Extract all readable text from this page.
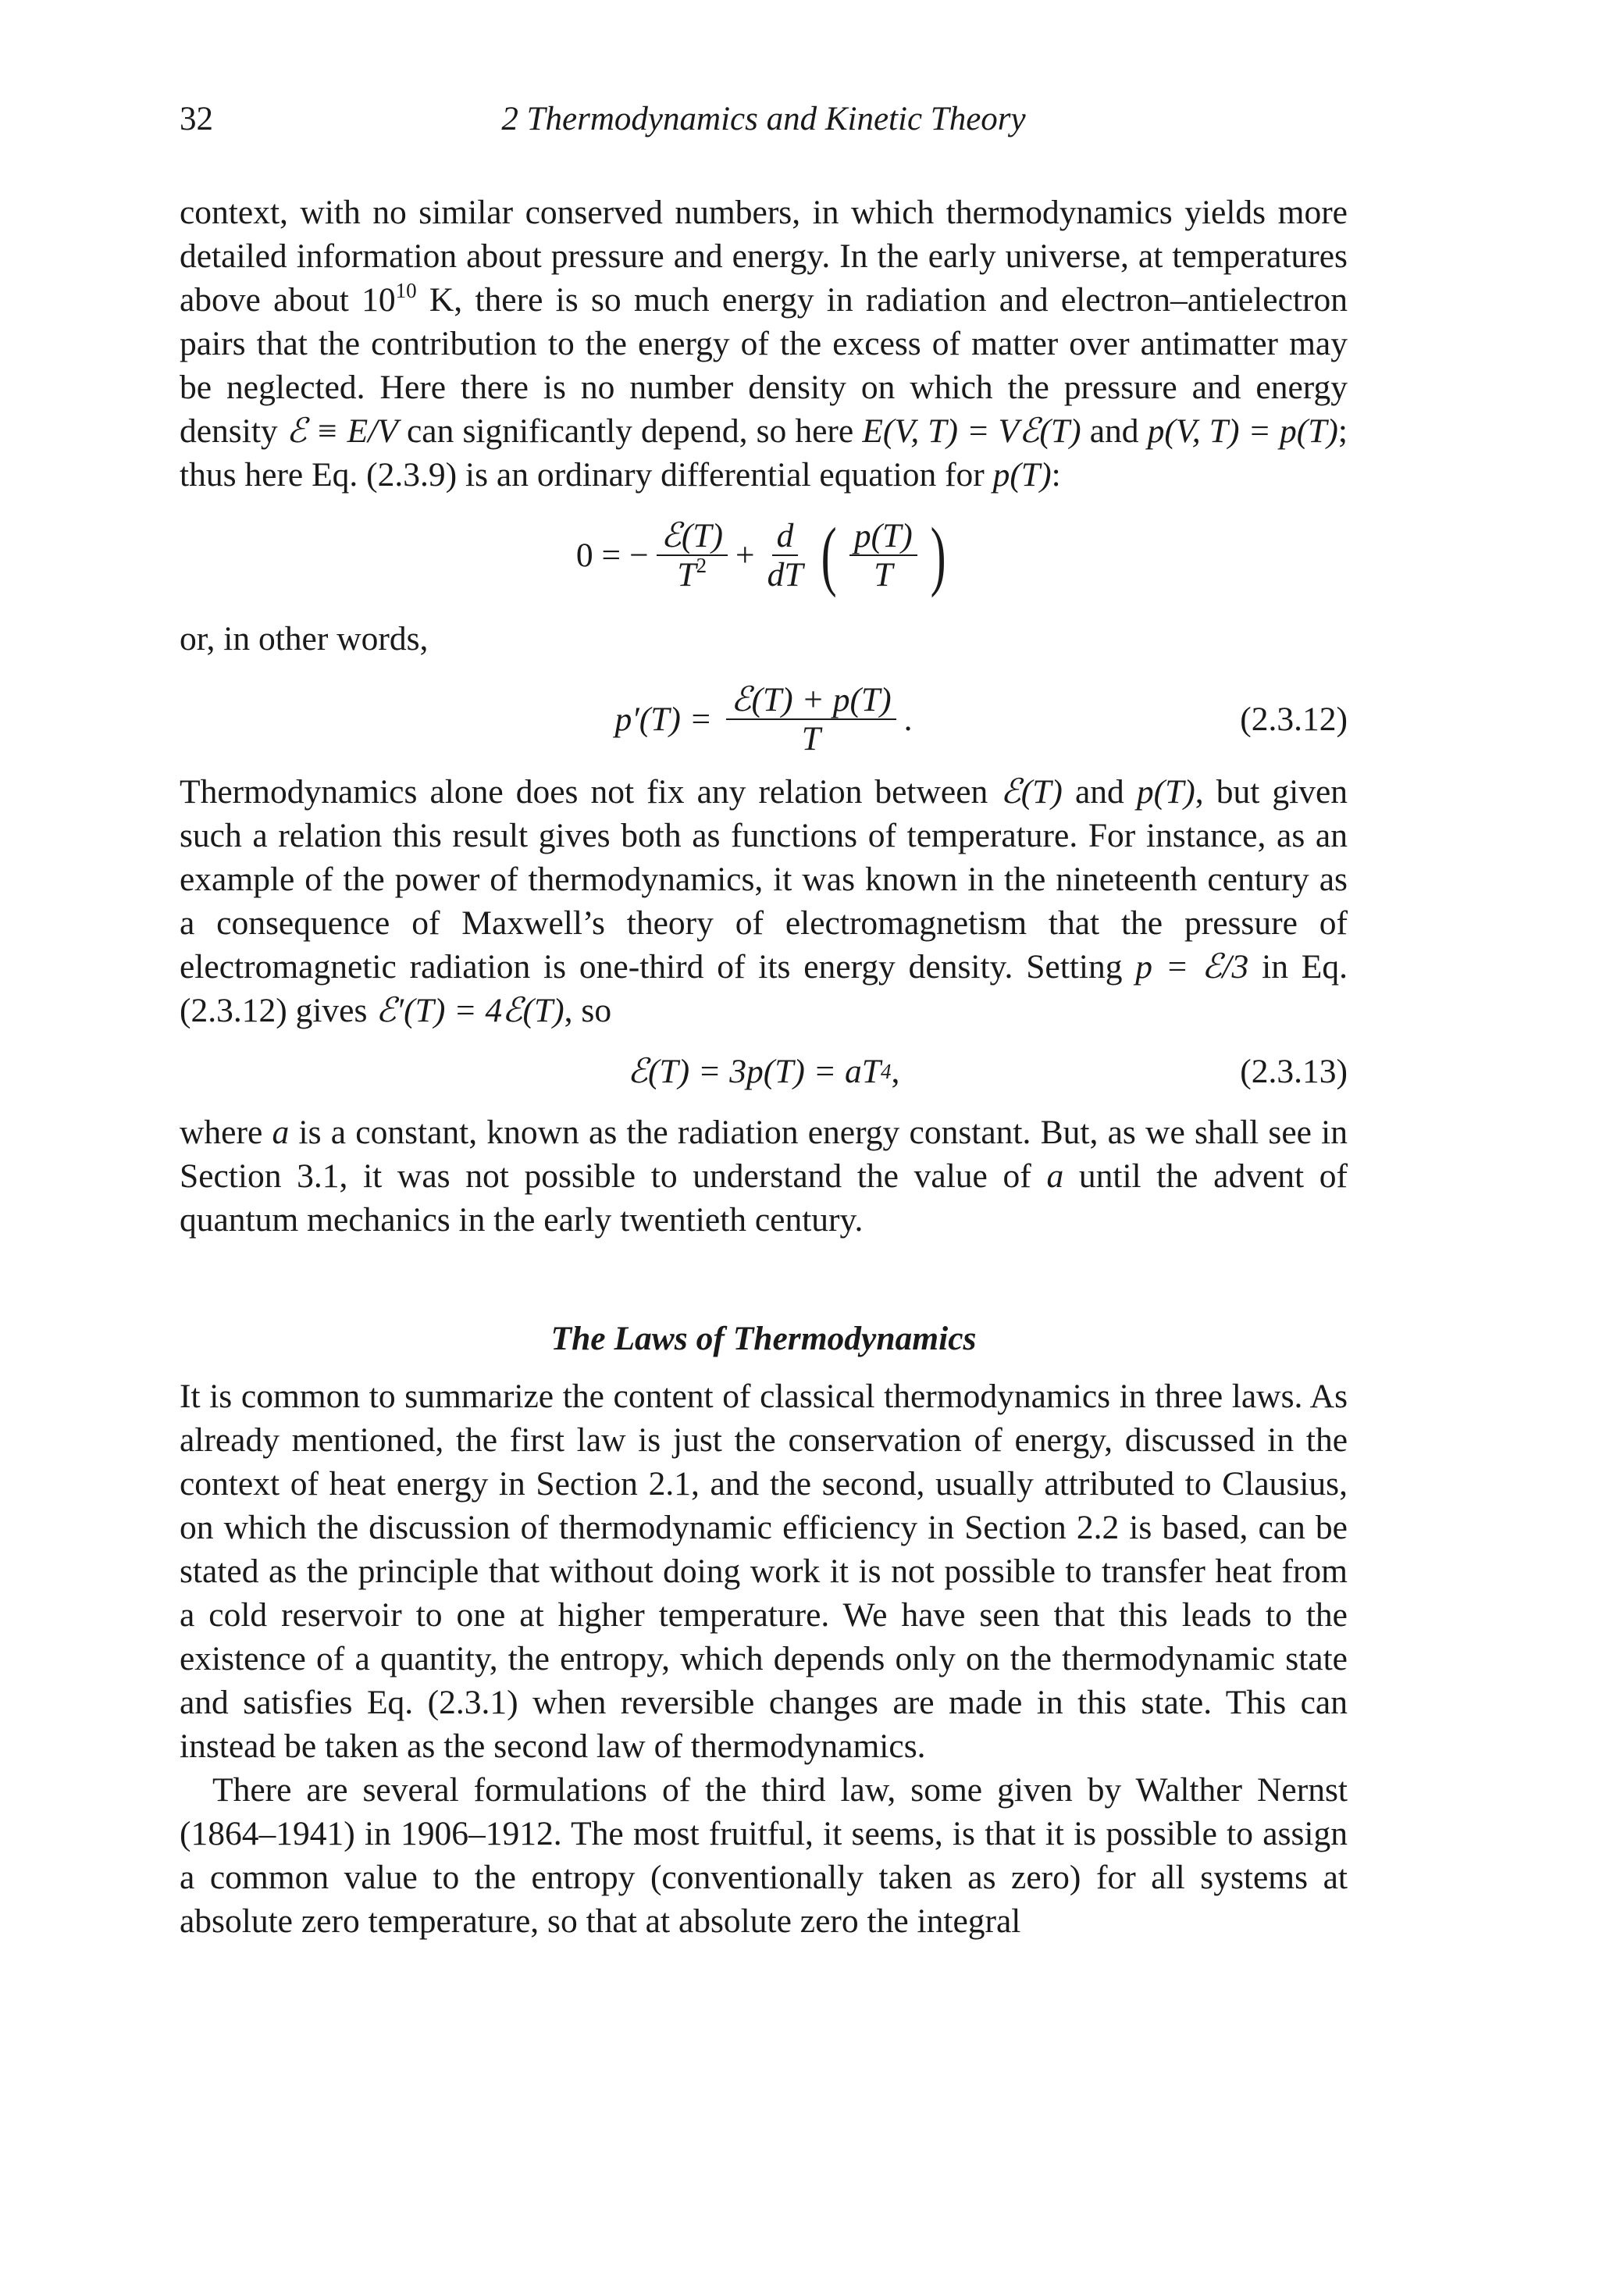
32	2 Thermodynamics and Kinetic Theory

context, with no similar conserved numbers, in which thermodynamics yields more detailed information about pressure and energy. In the early universe, at temperatures above about $10^{10}$ K, there is so much energy in radiation and electron–antielectron pairs that the contribution to the energy of the excess of matter over antimatter may be neglected. Here there is no number density on which the pressure and energy density ℰ ≡ E/V can significantly depend, so here E(V, T) = Vℰ(T) and p(V, T) = p(T); thus here Eq. (2.3.9) is an ordinary differential equation for p(T):

0 = − $\frac{\text{ℰ(T)}}{T^2} + \frac{d}{dT}$ ( $\frac{p(T)}{T}$ )

or, in other words,

$p'(T) = \frac{\text{ℰ(T) + p(T)}}{T}$ .	(2.3.12)

Thermodynamics alone does not fix any relation between ℰ(T) and p(T), but given such a relation this result gives both as functions of temperature. For instance, as an example of the power of thermodynamics, it was known in the nineteenth century as a consequence of Maxwell’s theory of electromagnetism that the pressure of electromagnetic radiation is one-third of its energy density. Setting p = ℰ/3 in Eq. (2.3.12) gives ℰ′(T) = 4ℰ(T), so

ℰ(T) = 3p(T) = aT 4 ,	(2.3.13)

where a is a constant, known as the radiation energy constant. But, as we shall see in Section 3.1, it was not possible to understand the value of a until the advent of quantum mechanics in the early twentieth century.

The Laws of Thermodynamics

It is common to summarize the content of classical thermodynamics in three laws. As already mentioned, the first law is just the conservation of energy, discussed in the context of heat energy in Section 2.1, and the second, usually attributed to Clausius, on which the discussion of thermodynamic efficiency in Section 2.2 is based, can be stated as the principle that without doing work it is not possible to transfer heat from a cold reservoir to one at higher temperature. We have seen that this leads to the existence of a quantity, the entropy, which depends only on the thermodynamic state and satisfies Eq. (2.3.1) when reversible changes are made in this state. This can instead be taken as the second law of thermodynamics.

There are several formulations of the third law, some given by Walther Nernst (1864–1941) in 1906–1912. The most fruitful, it seems, is that it is possible to assign a common value to the entropy (conventionally taken as zero) for all systems at absolute zero temperature, so that at absolute zero the integral
